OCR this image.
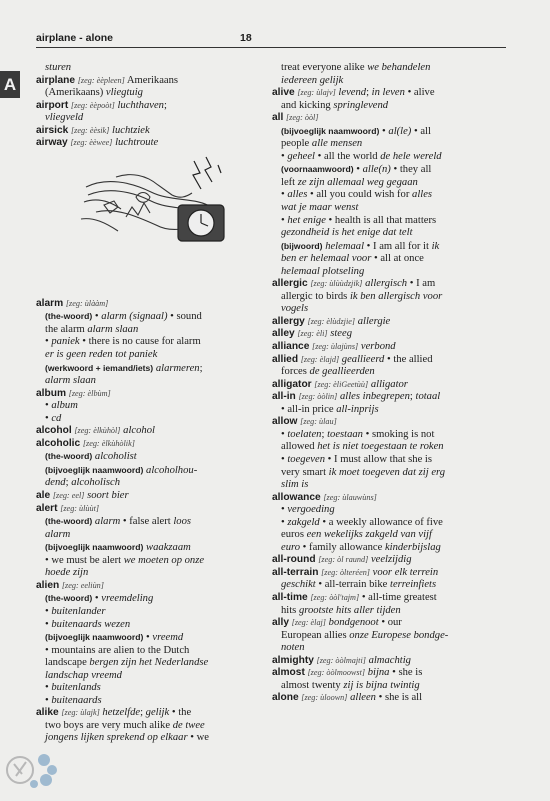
airplane - alone	18
A

sturen

airplane [zeg: èèpleen] Amerikaans

(Amerikaans) vliegtuig

airport [zeg: èèpoòt] luchthaven;

vliegveld

airsick [zeg: èèsik] luchtziek

airway [zeg: èèwee] luchtroute

alarm [zeg: ùlààm]

(the-woord) • alarm (signaal) • sound

the alarm alarm slaan

• paniek • there is no cause for alarm

er is geen reden tot paniek

(werkwoord + iemand/iets) alarmeren;

alarm slaan

album [zeg: èlbùm]

• album

• cd

alcohol [zeg: èlkùhòl] alcohol

alcoholic [zeg: èlkùhòlik]

(the-woord) alcoholist

(bijvoeglijk naamwoord) alcoholhou-

dend; alcoholisch

ale [zeg: eel] soort bier

alert [zeg: ùlùùt]

(the-woord) alarm • false alert loos

alarm

(bijvoeglijk naamwoord) waakzaam

• we must be alert we moeten op onze

hoede zijn

alien [zeg: eeliùn]

(the-woord) • vreemdeling

• buitenlander

• buitenaards wezen

(bijvoeglijk naamwoord) • vreemd

• mountains are alien to the Dutch

landscape bergen zijn het Nederlandse

landschap vreemd

• buitenlands

• buitenaards

alike [zeg: ùlajk] hetzelfde; gelijk • the

two boys are very much alike de twee

jongens lijken sprekend op elkaar • we

treat everyone alike we behandelen

iedereen gelijk

alive [zeg: ùlajv] levend; in leven • alive

and kicking springlevend

all [zeg: òòl]

(bijvoeglijk naamwoord) • al(le) • all

people alle mensen

• geheel • all the world de hele wereld

(voornaamwoord) • alle(n) • they all

left ze zijn allemaal weg gegaan

• alles • all you could wish for alles

wat je maar wenst

• het enige • health is all that matters

gezondheid is het enige dat telt

(bijwoord) helemaal • I am all for it ik

ben er helemaal voor • all at once

helemaal plotseling

allergic [zeg: ùlùùdzjik] allergisch • I am

allergic to birds ik ben allergisch voor

vogels

allergy [zeg: èlùdzjie] allergie

alley [zeg: èli] steeg

alliance [zeg: ùlajùns] verbond

allied [zeg: èlajd] geallieerd • the allied

forces de geallieerden

alligator [zeg: èliGeetùù] alligator

all-in [zeg: òòlin] alles inbegrepen; totaal

• all-in price all-inprijs

allow [zeg: ùlau]

• toelaten; toestaan • smoking is not

allowed het is niet toegestaan te roken

• toegeven • I must allow that she is

very smart ik moet toegeven dat zij erg

slim is

allowance [zeg: ùlauwùns]

• vergoeding

• zakgeld • a weekly allowance of five

euros een wekelijks zakgeld van vijf

euro • family allowance kinderbijslag

all-round [zeg: òl raund] veelzijdig

all-terrain [zeg: òlteréen] voor elk terrein

geschikt • all-terrain bike terreinfiets

all-time [zeg: òòl'tajm] • all-time greatest

hits grootste hits aller tijden

ally [zeg: èlaj] bondgenoot • our

European allies onze Europese bondge-

noten

almighty [zeg: òòlmajti] almachtig

almost [zeg: òòlmoowst] bijna • she is

almost twenty zij is bijna twintig

alone [zeg: ùloown] alleen • she is all
